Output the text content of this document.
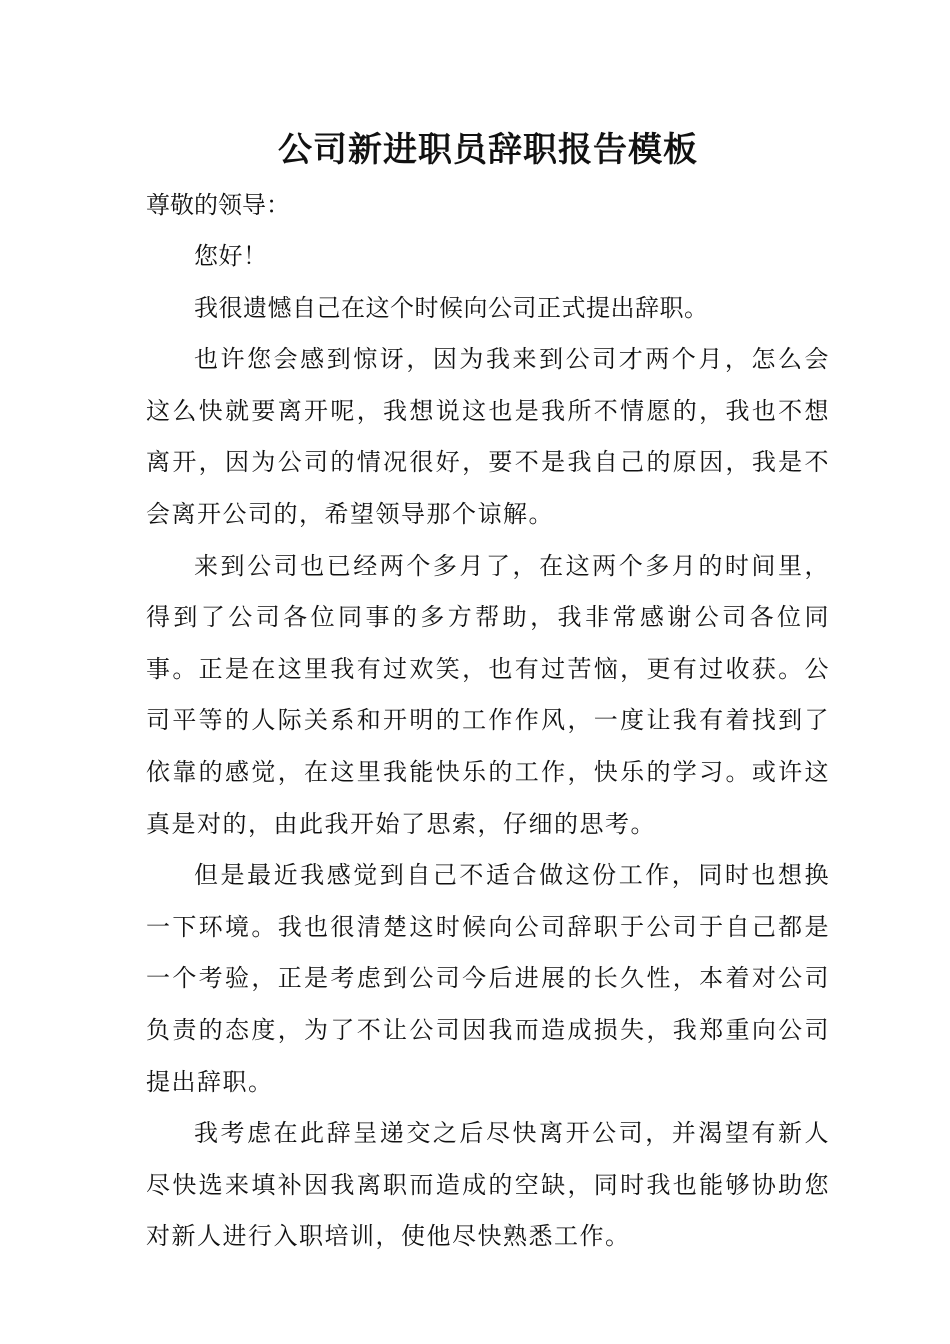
公司新进职员辞职报告模板

尊敬的领导：

您好！

我很遗憾自己在这个时候向公司正式提出辞职。

也许您会感到惊讶，因为我来到公司才两个月，怎么会这么快就要离开呢，我想说这也是我所不情愿的，我也不想离开，因为公司的情况很好，要不是我自己的原因，我是不会离开公司的，希望领导那个谅解。

来到公司也已经两个多月了，在这两个多月的时间里，得到了公司各位同事的多方帮助，我非常感谢公司各位同事。正是在这里我有过欢笑，也有过苦恼，更有过收获。公司平等的人际关系和开明的工作作风，一度让我有着找到了依靠的感觉，在这里我能快乐的工作，快乐的学习。或许这真是对的，由此我开始了思索，仔细的思考。

但是最近我感觉到自己不适合做这份工作，同时也想换一下环境。我也很清楚这时候向公司辞职于公司于自己都是一个考验，正是考虑到公司今后进展的长久性，本着对公司负责的态度，为了不让公司因我而造成损失，我郑重向公司提出辞职。

我考虑在此辞呈递交之后尽快离开公司，并渴望有新人尽快选来填补因我离职而造成的空缺，同时我也能够协助您对新人进行入职培训，使他尽快熟悉工作。
